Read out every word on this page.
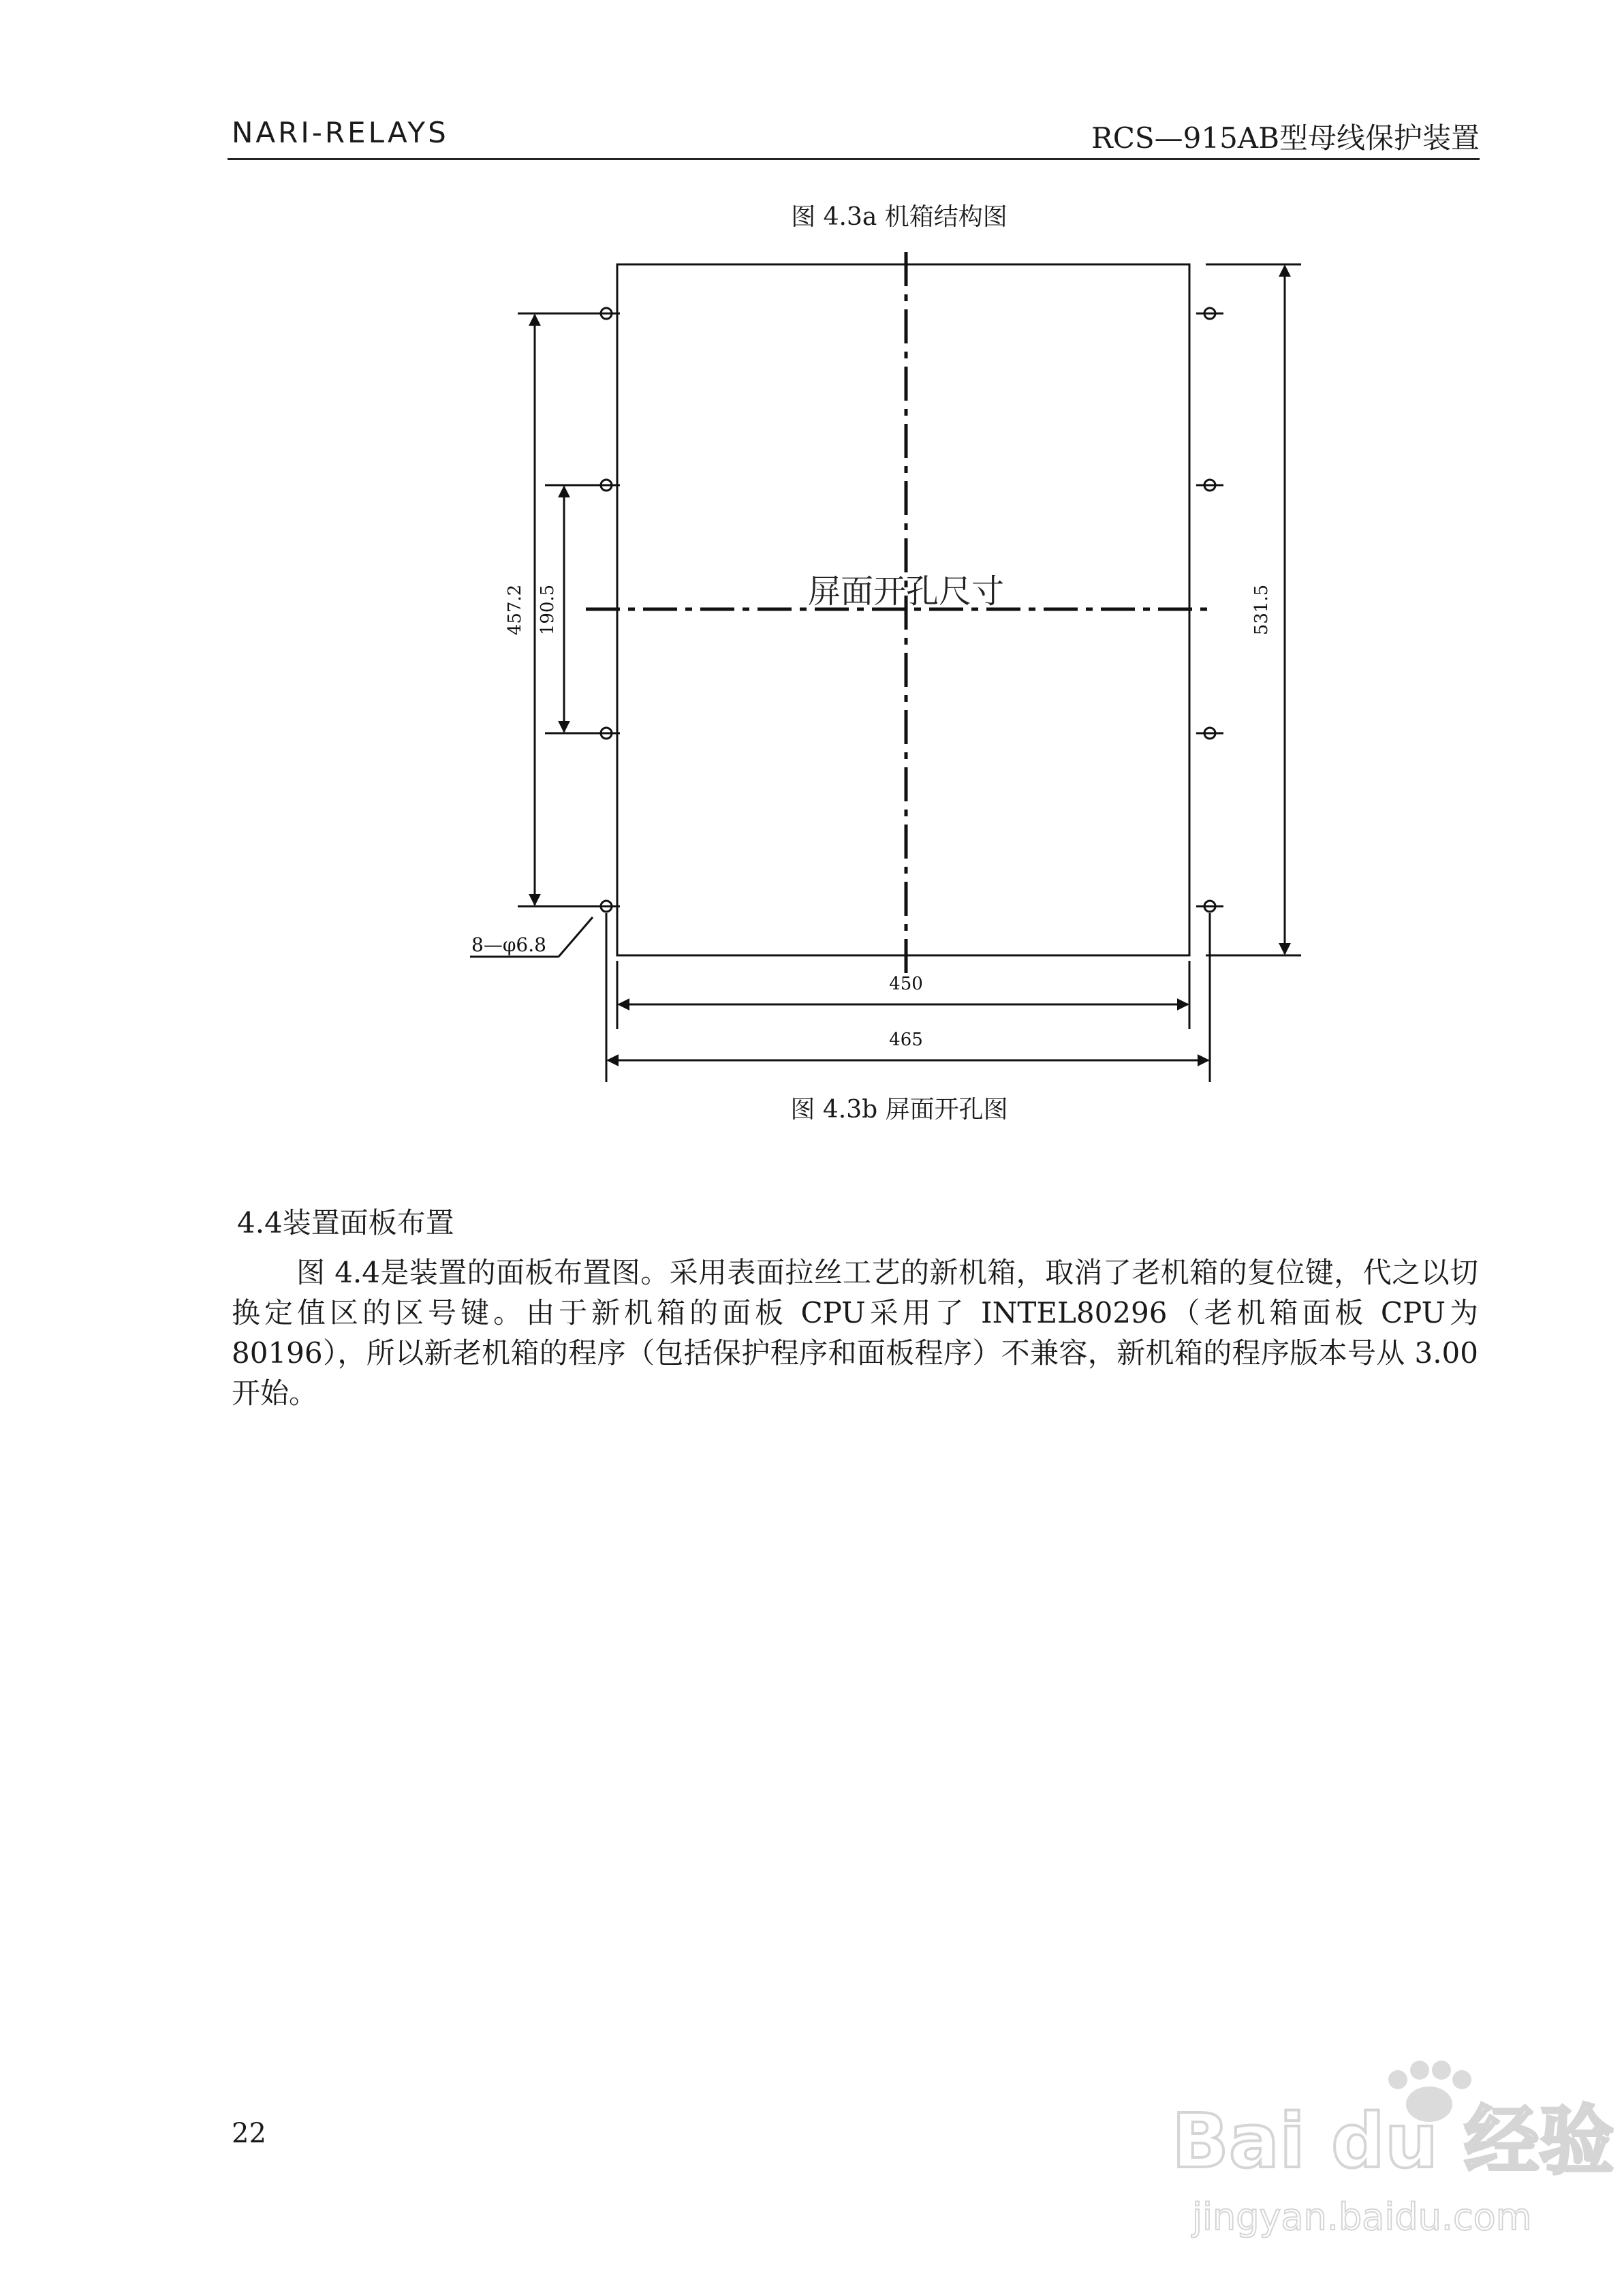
NARI-RELAYS	RCS—915AB型母线保护装置
图 4.3a 机箱结构图
屏面开孔尺寸
457.2 190.5	531.5
450
465
8—φ6.8
图 4.3b 屏面开孔图
4.4装置面板布置
图 4.4是装置的面板布置图。采用表面拉丝工艺的新机箱，取消了老机箱的复位键，代之以切换定值区的区号键。由于新机箱的面板 CPU采用了 INTEL80296（老机箱面板 CPU为 80196），所以新老机箱的程序（包括保护程序和面板程序）不兼容，新机箱的程序版本号从 3.00开始。
22	Bai du 经验
jingyan.baidu.com
